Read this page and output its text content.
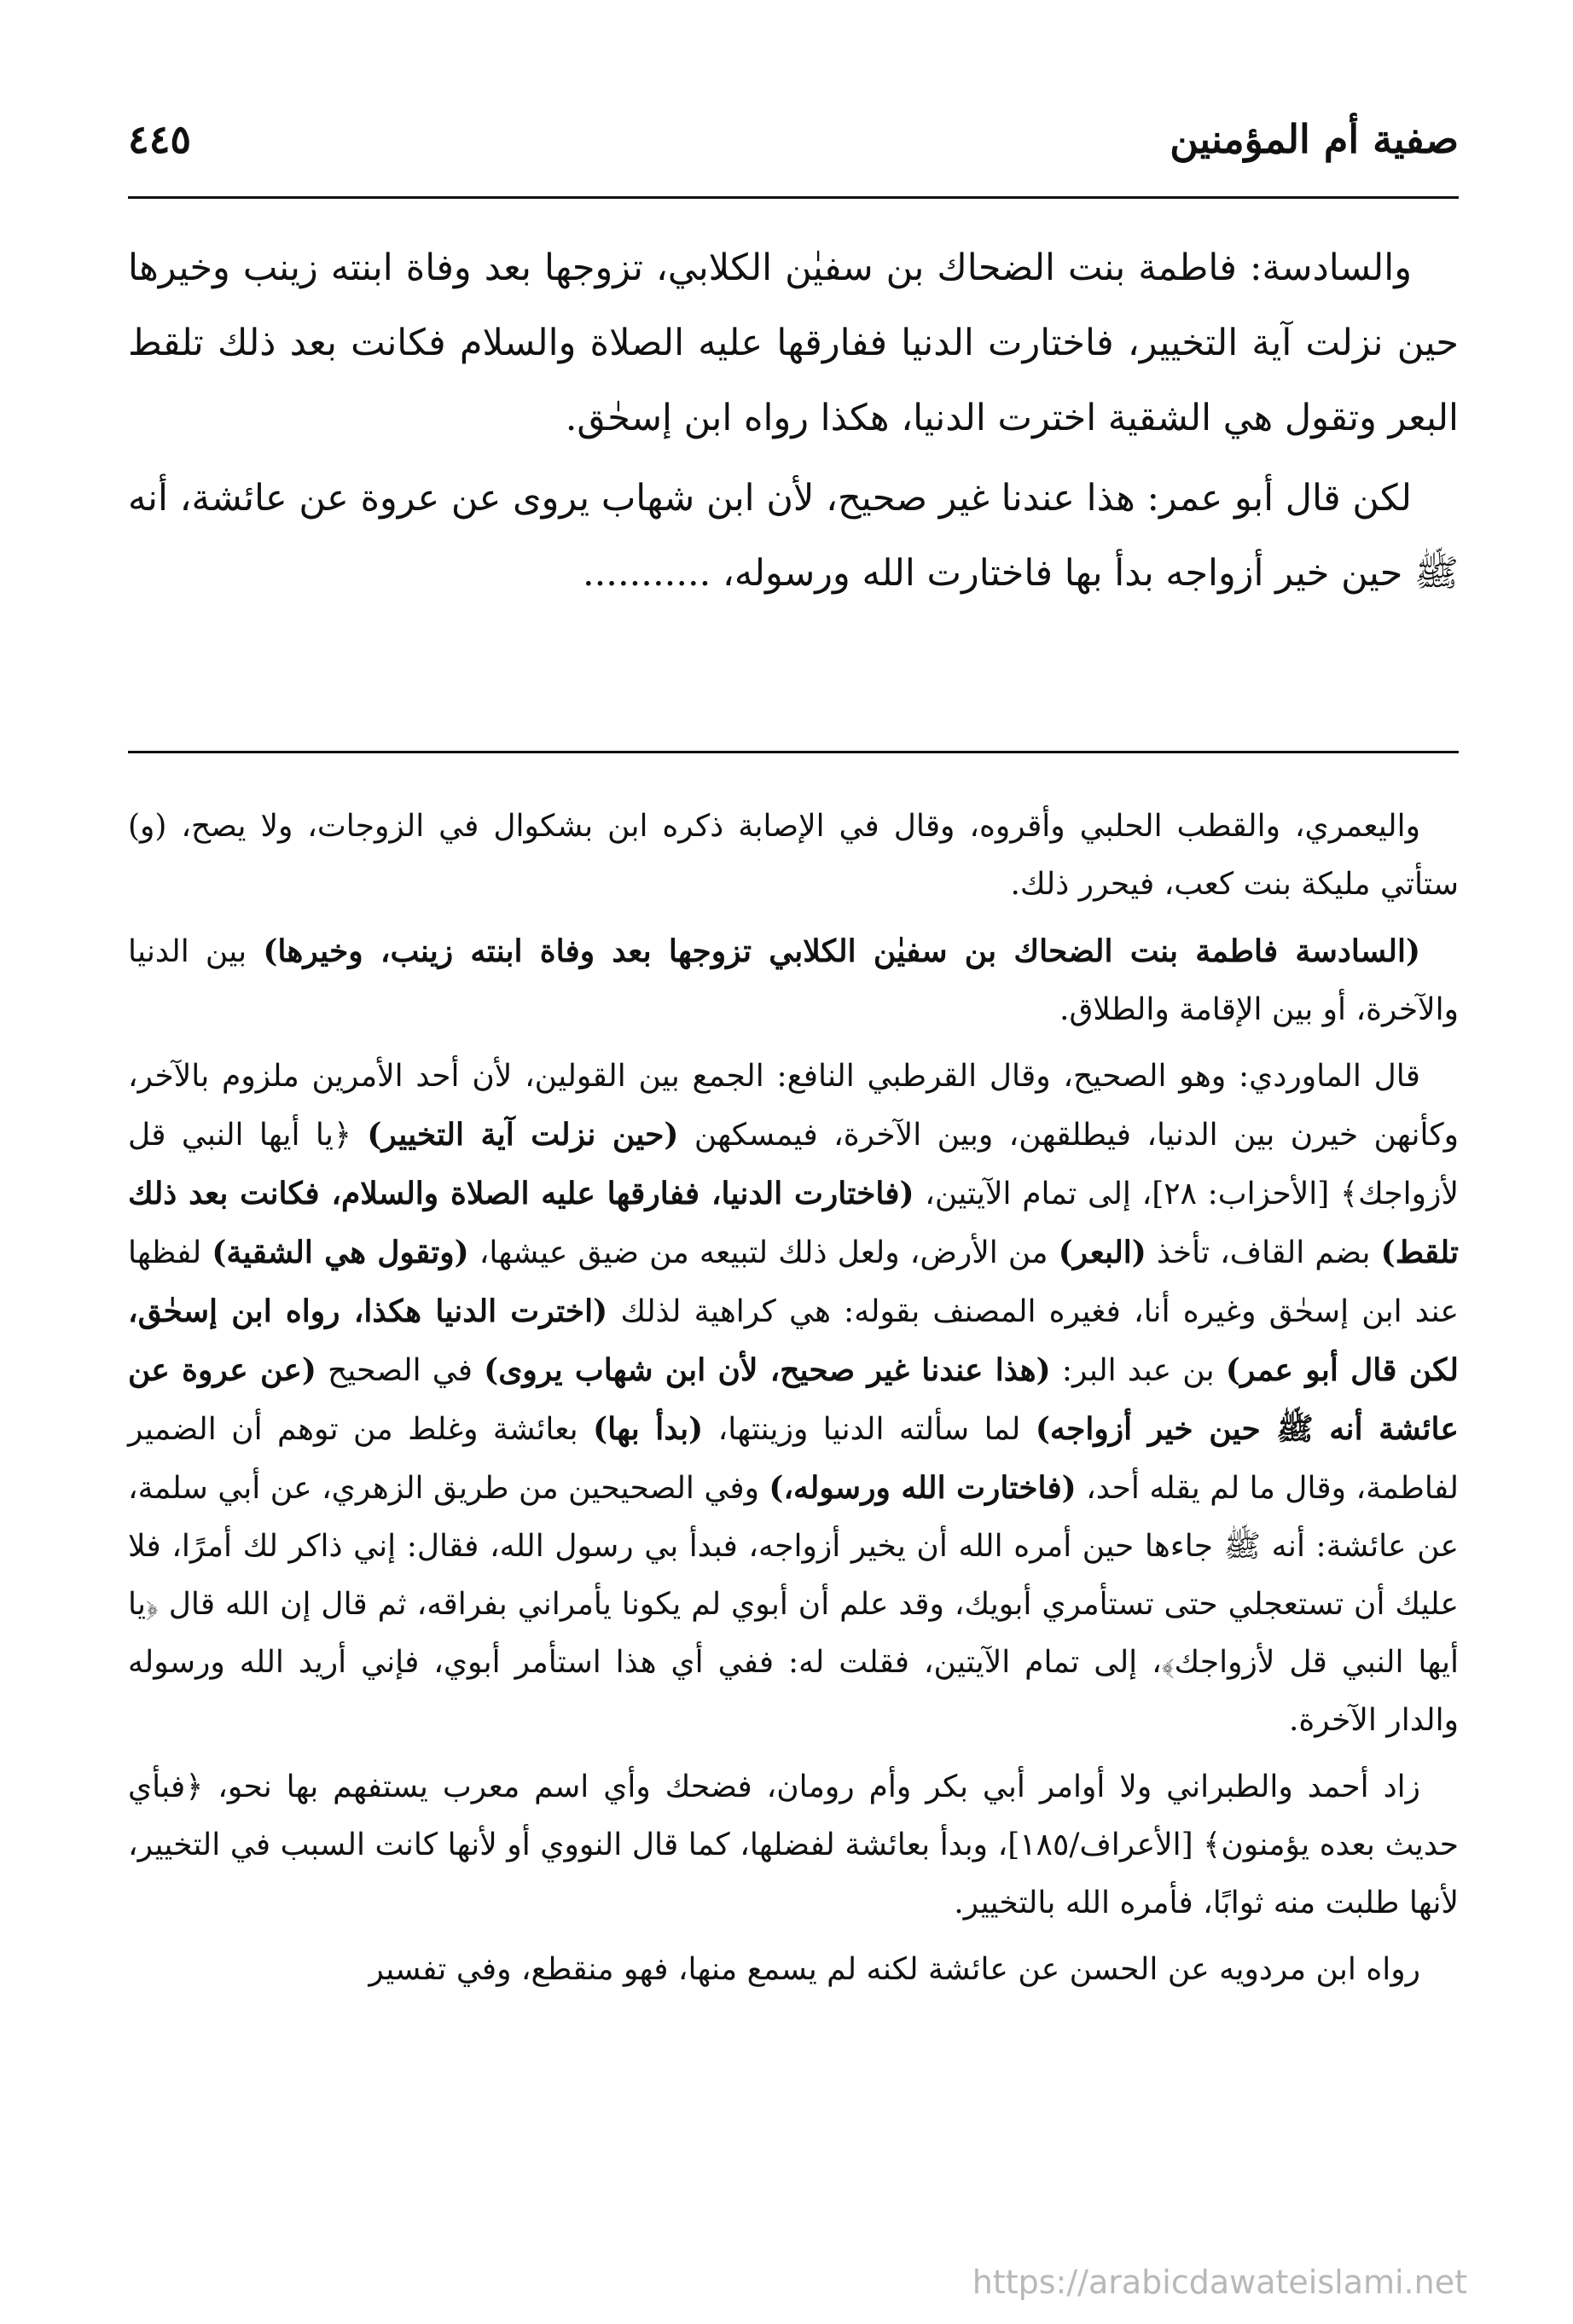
صفية أم المؤمنين
٤٤٥

والسادسة: فاطمة بنت الضحاك بن سفيٰن الكلابي، تزوجها بعد وفاة ابنته زينب وخيرها حين نزلت آية التخيير، فاختارت الدنيا ففارقها عليه الصلاة والسلام فكانت بعد ذلك تلقط البعر وتقول هي الشقية اخترت الدنيا، هكذا رواه ابن إسحٰق.

لكن قال أبو عمر: هذا عندنا غير صحيح، لأن ابن شهاب يروى عن عروة عن عائشة، أنه ﷺ حين خير أزواجه بدأ بها فاختارت الله ورسوله، ...........

واليعمري، والقطب الحلبي وأقروه، وقال في الإصابة ذكره ابن بشكوال في الزوجات، ولا يصح، (و) ستأتي مليكة بنت كعب، فيحرر ذلك.

(السادسة فاطمة بنت الضحاك بن سفيٰن الكلابي تزوجها بعد وفاة ابنته زينب، وخيرها) بين الدنيا والآخرة، أو بين الإقامة والطلاق.

قال الماوردي: وهو الصحيح، وقال القرطبي النافع: الجمع بين القولين، لأن أحد الأمرين ملزوم بالآخر، وكأنهن خيرن بين الدنيا، فيطلقهن، وبين الآخرة، فيمسكهن (حين نزلت آية التخيير) ﴿يا أيها النبي قل لأزواجك﴾ [الأحزاب: ٢٨]، إلى تمام الآيتين، (فاختارت الدنيا، ففارقها عليه الصلاة والسلام، فكانت بعد ذلك تلقط) بضم القاف، تأخذ (البعر) من الأرض، ولعل ذلك لتبيعه من ضيق عيشها، (وتقول هي الشقية) لفظها عند ابن إسحٰق وغيره أنا، فغيره المصنف بقوله: هي كراهية لذلك (اخترت الدنيا هكذا، رواه ابن إسحٰق، لكن قال أبو عمر) بن عبد البر: (هذا عندنا غير صحيح، لأن ابن شهاب يروى) في الصحيح (عن عروة عن عائشة أنه ﷺ حين خير أزواجه) لما سألته الدنيا وزينتها، (بدأ بها) بعائشة وغلط من توهم أن الضمير لفاطمة، وقال ما لم يقله أحد، (فاختارت الله ورسوله،) وفي الصحيحين من طريق الزهري، عن أبي سلمة، عن عائشة: أنه ﷺ جاءها حين أمره الله أن يخير أزواجه، فبدأ بي رسول الله، فقال: إني ذاكر لك أمرًا، فلا عليك أن تستعجلي حتى تستأمري أبويك، وقد علم أن أبوي لم يكونا يأمراني بفراقه، ثم قال إن الله قال ﴿يا أيها النبي قل لأزواجك﴾، إلى تمام الآيتين، فقلت له: ففي أي هذا استأمر أبوي، فإني أريد الله ورسوله والدار الآخرة.

زاد أحمد والطبراني ولا أوامر أبي بكر وأم رومان، فضحك وأي اسم معرب يستفهم بها نحو، ﴿فبأي حديث بعده يؤمنون﴾ [الأعراف/١٨٥]، وبدأ بعائشة لفضلها، كما قال النووي أو لأنها كانت السبب في التخيير، لأنها طلبت منه ثوابًا، فأمره الله بالتخيير.

رواه ابن مردويه عن الحسن عن عائشة لكنه لم يسمع منها، فهو منقطع، وفي تفسير

https://arabicdawateislami.net
